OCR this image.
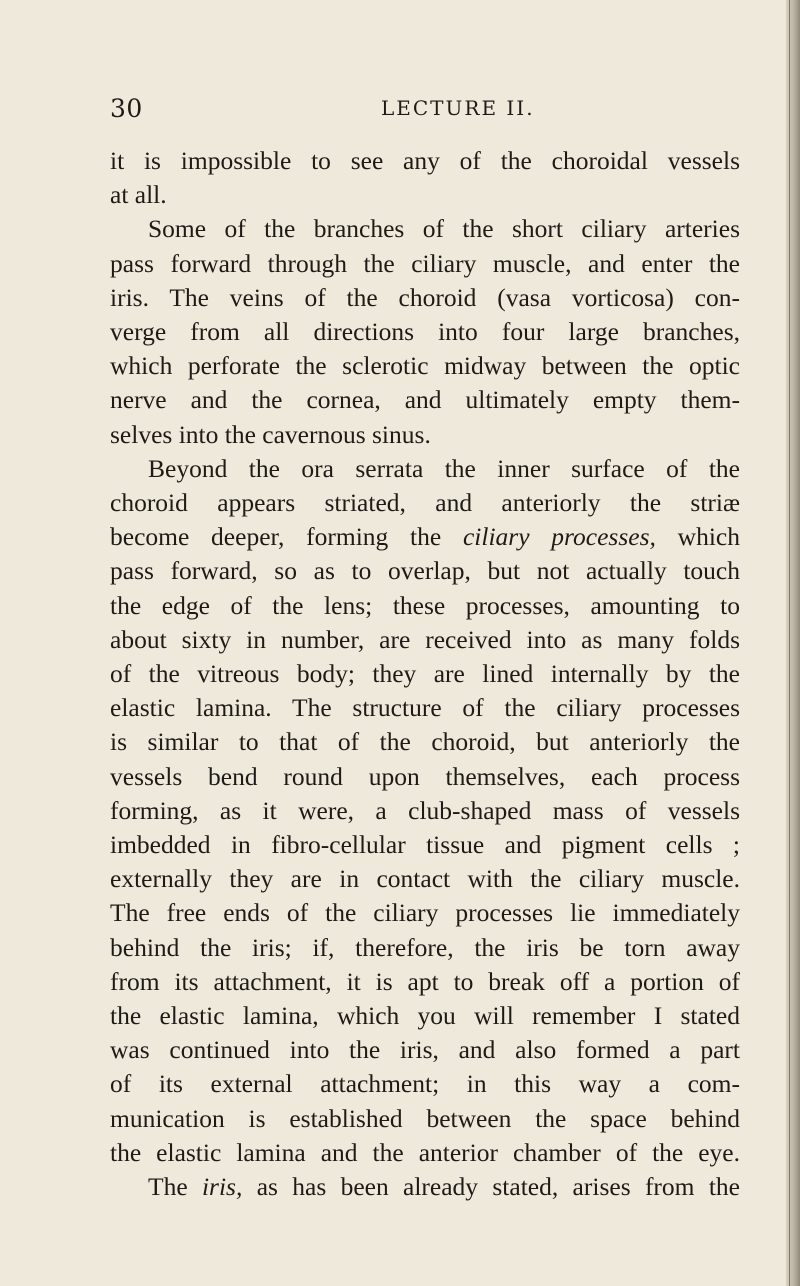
30	LECTURE II.
it is impossible to see any of the choroidal vessels
at all.
Some of the branches of the short ciliary arteries
pass forward through the ciliary muscle, and enter the
iris. The veins of the choroid (vasa vorticosa) con-
verge from all directions into four large branches,
which perforate the sclerotic midway between the optic
nerve and the cornea, and ultimately empty them-
selves into the cavernous sinus.
Beyond the ora serrata the inner surface of the
choroid appears striated, and anteriorly the striæ
become deeper, forming the ciliary processes, which
pass forward, so as to overlap, but not actually touch
the edge of the lens; these processes, amounting to
about sixty in number, are received into as many folds
of the vitreous body; they are lined internally by the
elastic lamina. The structure of the ciliary processes
is similar to that of the choroid, but anteriorly the
vessels bend round upon themselves, each process
forming, as it were, a club-shaped mass of vessels
imbedded in fibro-cellular tissue and pigment cells ;
externally they are in contact with the ciliary muscle.
The free ends of the ciliary processes lie immediately
behind the iris; if, therefore, the iris be torn away
from its attachment, it is apt to break off a portion of
the elastic lamina, which you will remember I stated
was continued into the iris, and also formed a part
of its external attachment; in this way a com-
munication is established between the space behind
the elastic lamina and the anterior chamber of the eye.
The iris, as has been already stated, arises from the
